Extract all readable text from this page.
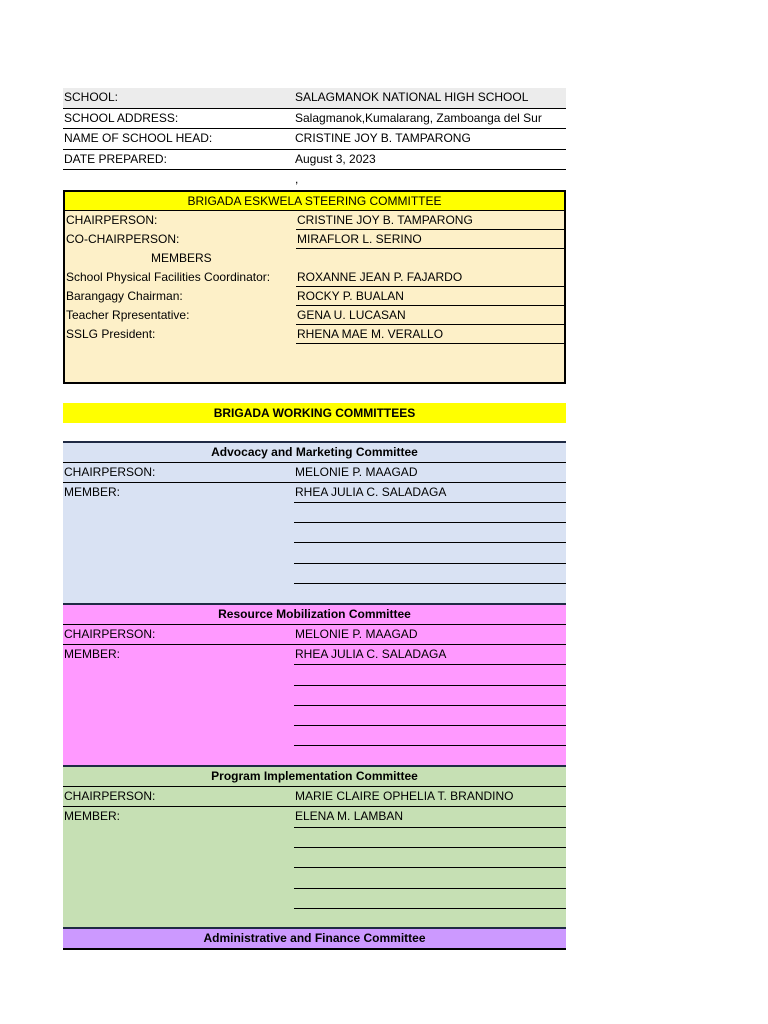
SCHOOL:	SALAGMANOK NATIONAL HIGH SCHOOL
SCHOOL ADDRESS:	Salagmanok,Kumalarang, Zamboanga del Sur
NAME OF SCHOOL HEAD:	CRISTINE JOY B. TAMPARONG
DATE PREPARED:	August 3, 2023
,
BRIGADA ESKWELA STEERING COMMITTEE
CHAIRPERSON:	CRISTINE JOY B. TAMPARONG
CO-CHAIRPERSON:	MIRAFLOR L. SERINO
MEMBERS
School Physical Facilities Coordinator: ROXANNE JEAN P. FAJARDO
Barangagy Chairman:	ROCKY P. BUALAN
Teacher Rpresentative:	GENA U. LUCASAN
SSLG President:	RHENA MAE M. VERALLO
BRIGADA WORKING COMMITTEES
Advocacy and Marketing Committee
CHAIRPERSON:	MELONIE P. MAAGAD
MEMBER:	RHEA JULIA C. SALADAGA
Resource Mobilization Committee
CHAIRPERSON:	MELONIE P. MAAGAD
MEMBER:	RHEA JULIA C. SALADAGA
Program Implementation Committee
CHAIRPERSON:	MARIE CLAIRE OPHELIA T. BRANDINO
MEMBER:	ELENA M. LAMBAN
Administrative and Finance Committee
